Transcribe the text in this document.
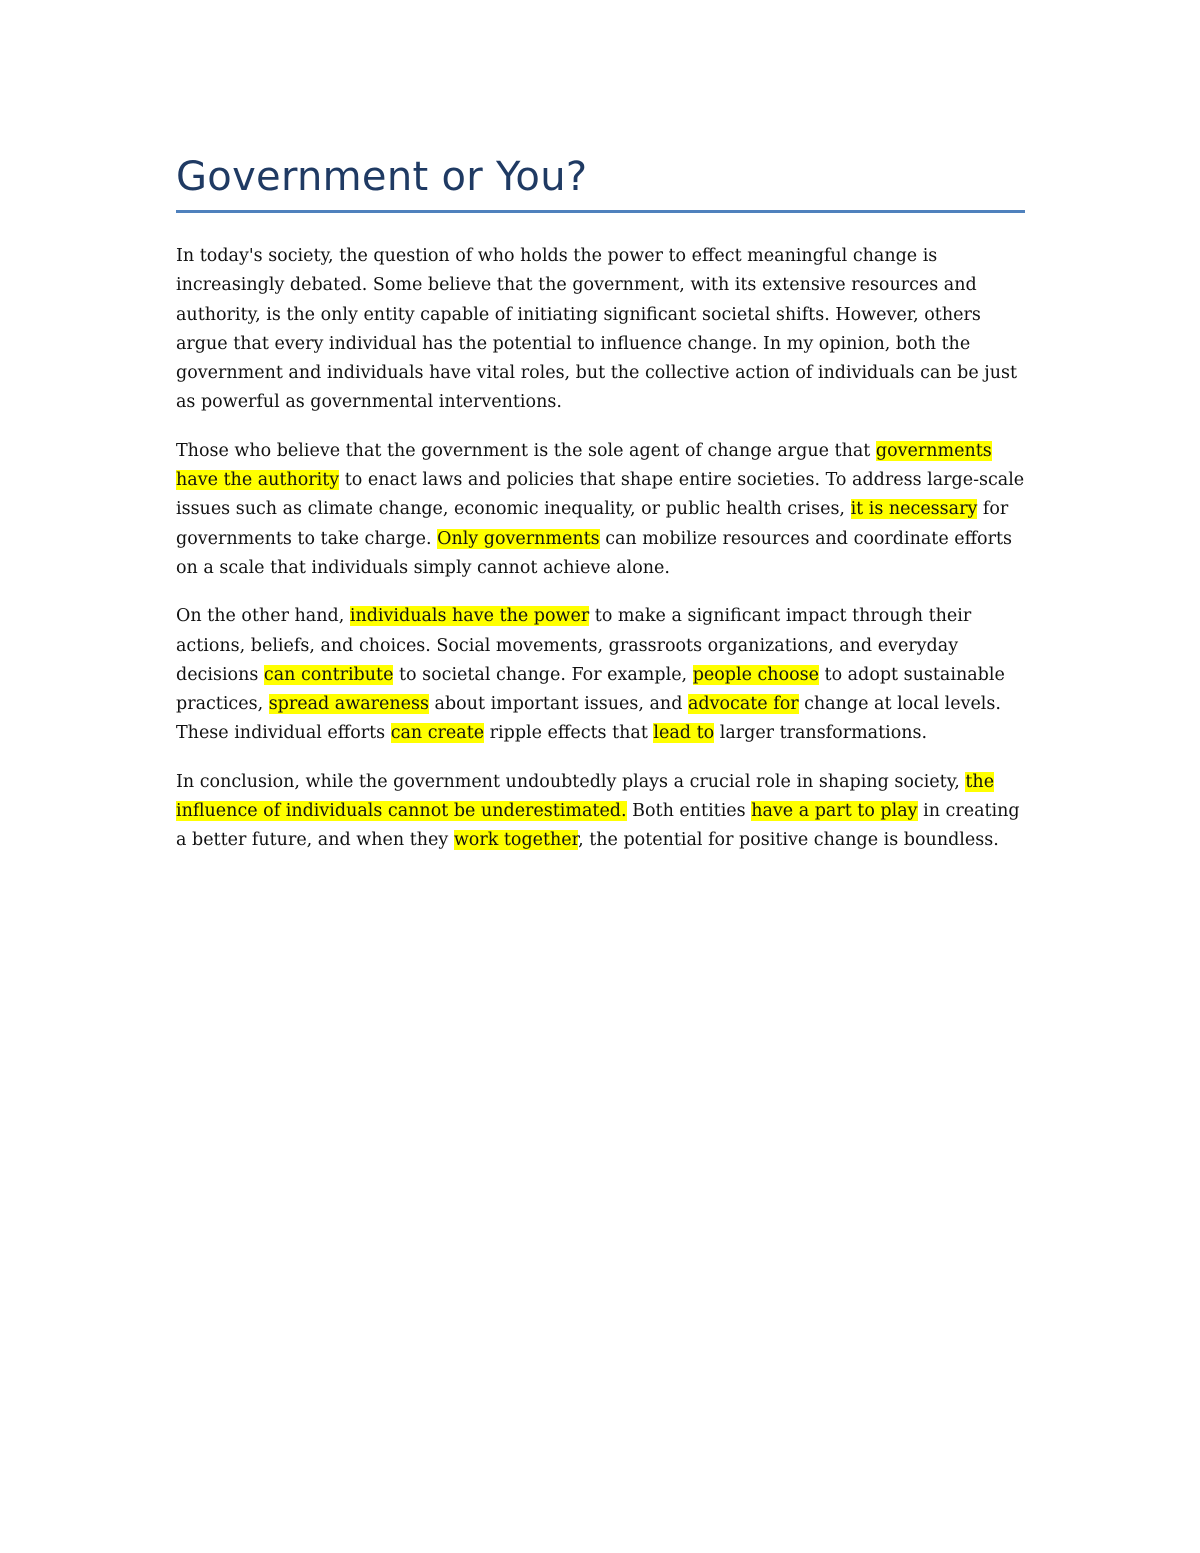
Government or You?

In today's society, the question of who holds the power to effect meaningful change is increasingly debated. Some believe that the government, with its extensive resources and authority, is the only entity capable of initiating significant societal shifts. However, others argue that every individual has the potential to influence change. In my opinion, both the government and individuals have vital roles, but the collective action of individuals can be just as powerful as governmental interventions.

Those who believe that the government is the sole agent of change argue that governments have the authority to enact laws and policies that shape entire societies. To address large-scale issues such as climate change, economic inequality, or public health crises, it is necessary for governments to take charge. Only governments can mobilize resources and coordinate efforts on a scale that individuals simply cannot achieve alone.

On the other hand, individuals have the power to make a significant impact through their actions, beliefs, and choices. Social movements, grassroots organizations, and everyday decisions can contribute to societal change. For example, people choose to adopt sustainable practices, spread awareness about important issues, and advocate for change at local levels. These individual efforts can create ripple effects that lead to larger transformations.

In conclusion, while the government undoubtedly plays a crucial role in shaping society, the influence of individuals cannot be underestimated. Both entities have a part to play in creating a better future, and when they work together, the potential for positive change is boundless.
